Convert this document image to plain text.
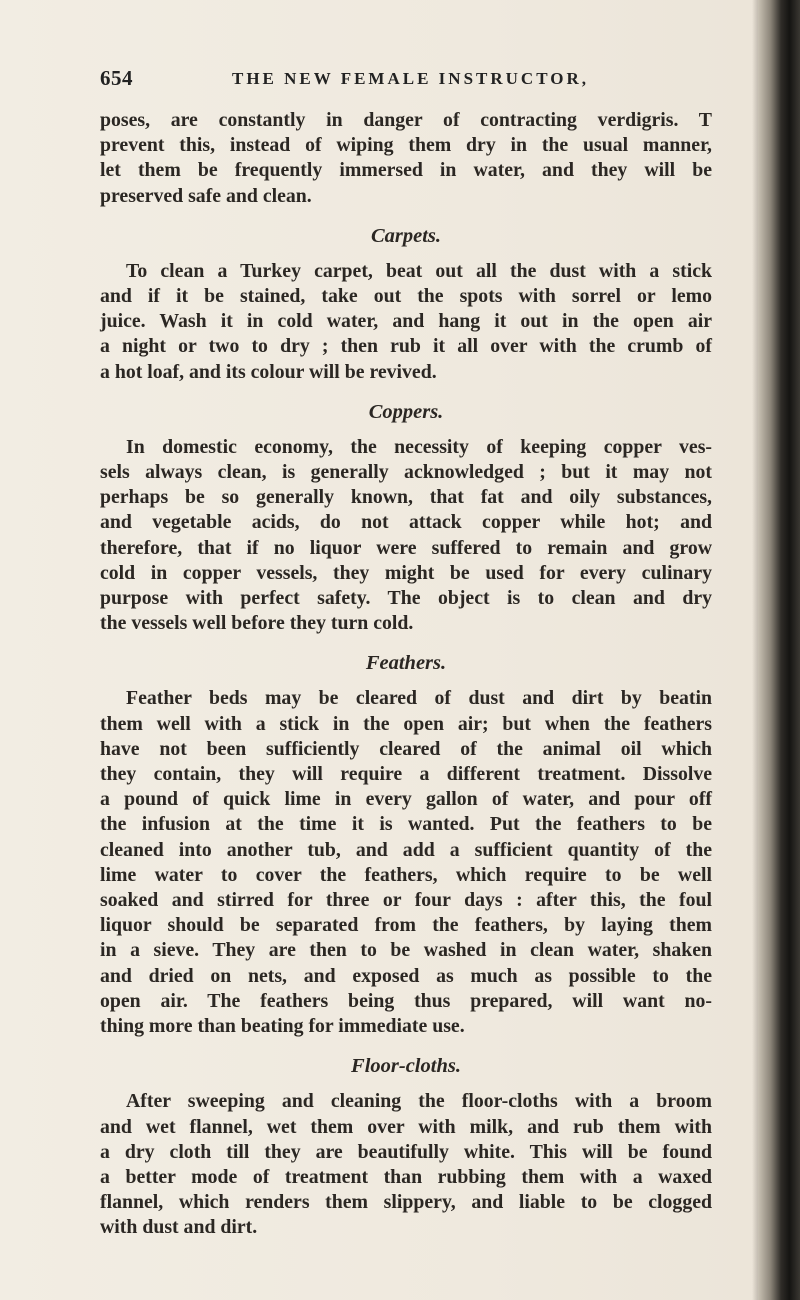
654	THE NEW FEMALE INSTRUCTOR,
poses, are constantly in danger of contracting verdigris. T
prevent this, instead of wiping them dry in the usual manner,
let them be frequently immersed in water, and they will be
preserved safe and clean.
Carpets.
To clean a Turkey carpet, beat out all the dust with a stick
and if it be stained, take out the spots with sorrel or lemo
juice. Wash it in cold water, and hang it out in the open air
a night or two to dry ; then rub it all over with the crumb of
a hot loaf, and its colour will be revived.
Coppers.
In domestic economy, the necessity of keeping copper ves-
sels always clean, is generally acknowledged ; but it may not
perhaps be so generally known, that fat and oily substances,
and vegetable acids, do not attack copper while hot; and
therefore, that if no liquor were suffered to remain and grow
cold in copper vessels, they might be used for every culinary
purpose with perfect safety. The object is to clean and dry
the vessels well before they turn cold.
Feathers.
Feather beds may be cleared of dust and dirt by beatin
them well with a stick in the open air; but when the feathers
have not been sufficiently cleared of the animal oil which
they contain, they will require a different treatment. Dissolve
a pound of quick lime in every gallon of water, and pour off
the infusion at the time it is wanted. Put the feathers to be
cleaned into another tub, and add a sufficient quantity of the
lime water to cover the feathers, which require to be well
soaked and stirred for three or four days : after this, the foul
liquor should be separated from the feathers, by laying them
in a sieve. They are then to be washed in clean water, shaken
and dried on nets, and exposed as much as possible to the
open air. The feathers being thus prepared, will want no-
thing more than beating for immediate use.
Floor-cloths.
After sweeping and cleaning the floor-cloths with a broom
and wet flannel, wet them over with milk, and rub them with
a dry cloth till they are beautifully white. This will be found
a better mode of treatment than rubbing them with a waxed
flannel, which renders them slippery, and liable to be clogged
with dust and dirt.
